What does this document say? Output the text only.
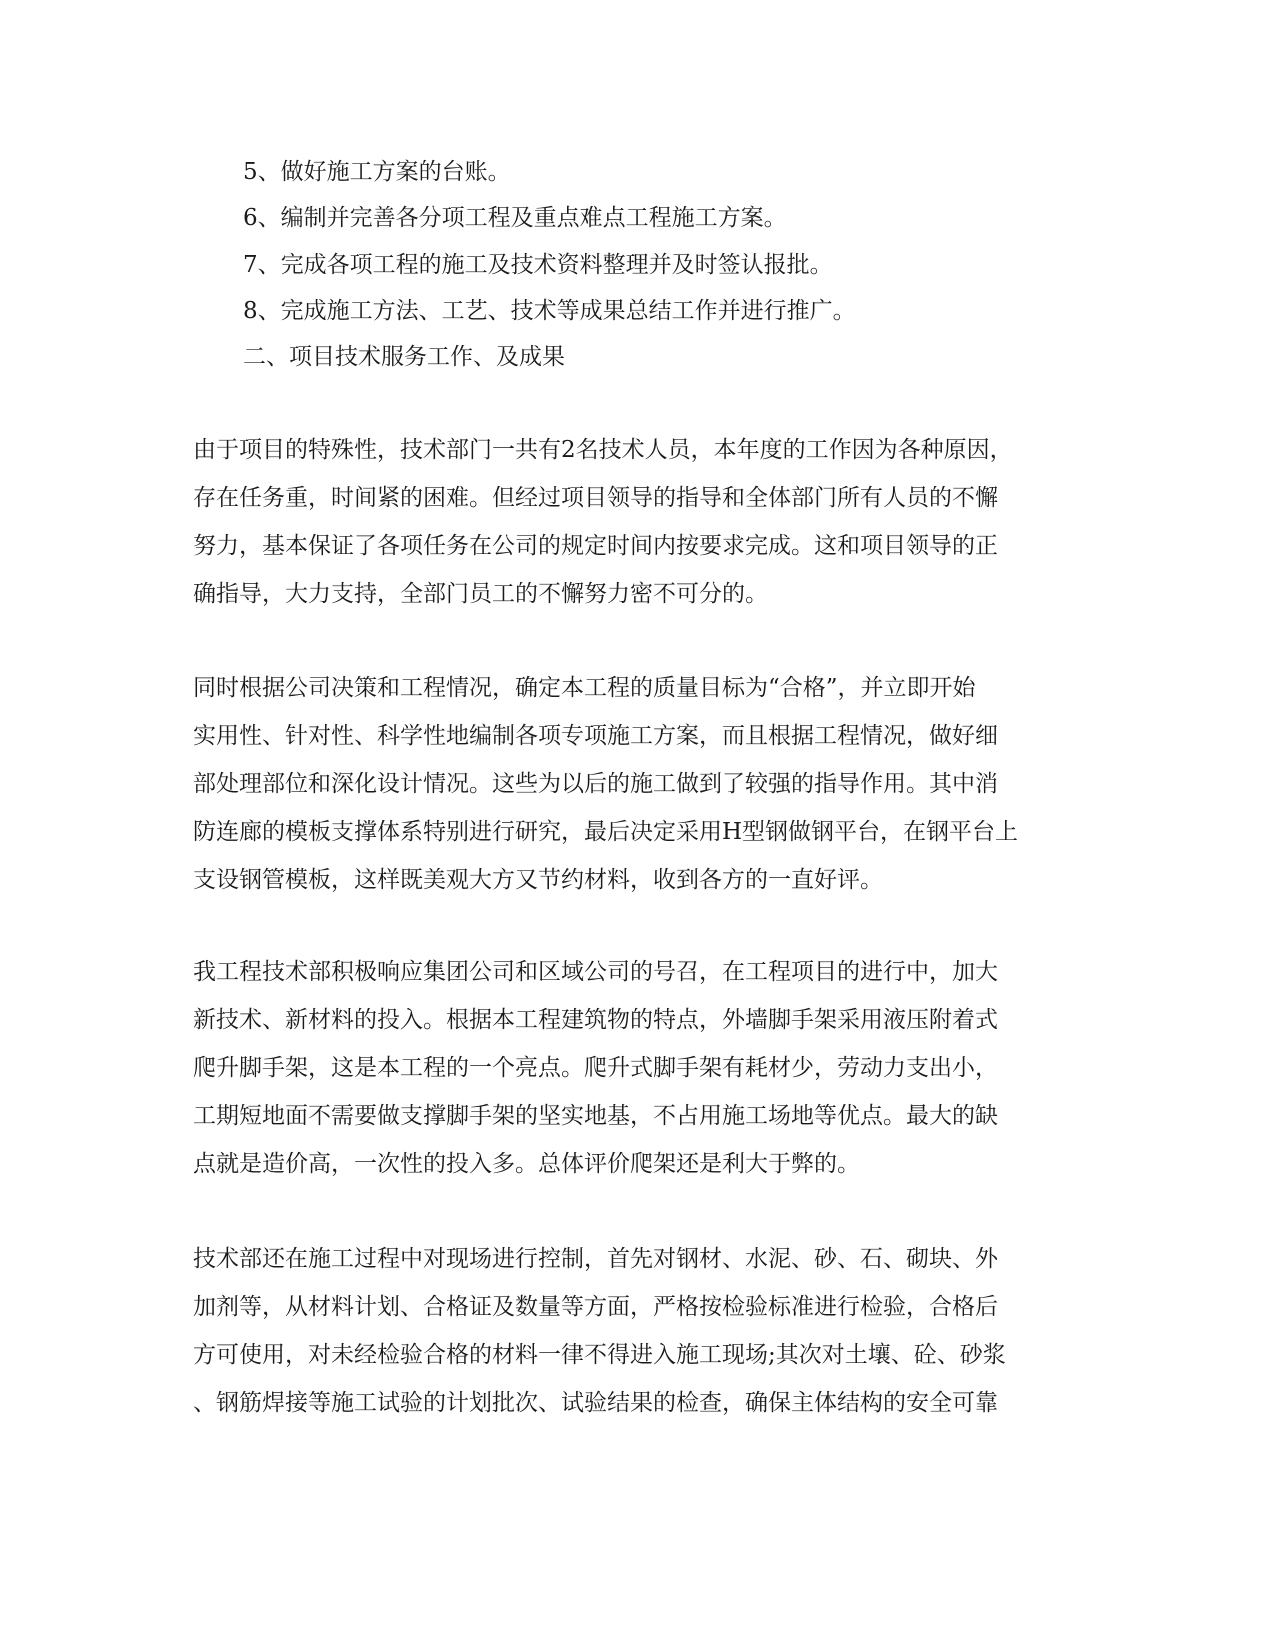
5、做好施工方案的台账。
6、编制并完善各分项工程及重点难点工程施工方案。
7、完成各项工程的施工及技术资料整理并及时签认报批。
8、完成施工方法、工艺、技术等成果总结工作并进行推广。
二、项目技术服务工作、及成果

由于项目的特殊性，技术部门一共有2名技术人员，本年度的工作因为各种原因，
存在任务重，时间紧的困难。但经过项目领导的指导和全体部门所有人员的不懈
努力，基本保证了各项任务在公司的规定时间内按要求完成。这和项目领导的正
确指导，大力支持，全部门员工的不懈努力密不可分的。

同时根据公司决策和工程情况，确定本工程的质量目标为“合格”，并立即开始
实用性、针对性、科学性地编制各项专项施工方案，而且根据工程情况，做好细
部处理部位和深化设计情况。这些为以后的施工做到了较强的指导作用。其中消
防连廊的模板支撑体系特别进行研究，最后决定采用H型钢做钢平台，在钢平台上
支设钢管模板，这样既美观大方又节约材料，收到各方的一直好评。

我工程技术部积极响应集团公司和区域公司的号召，在工程项目的进行中，加大
新技术、新材料的投入。根据本工程建筑物的特点，外墙脚手架采用液压附着式
爬升脚手架，这是本工程的一个亮点。爬升式脚手架有耗材少，劳动力支出小，
工期短地面不需要做支撑脚手架的坚实地基，不占用施工场地等优点。最大的缺
点就是造价高，一次性的投入多。总体评价爬架还是利大于弊的。

技术部还在施工过程中对现场进行控制，首先对钢材、水泥、砂、石、砌块、外
加剂等，从材料计划、合格证及数量等方面，严格按检验标准进行检验，合格后
方可使用，对未经检验合格的材料一律不得进入施工现场;其次对土壤、砼、砂浆
、钢筋焊接等施工试验的计划批次、试验结果的检查，确保主体结构的安全可靠
